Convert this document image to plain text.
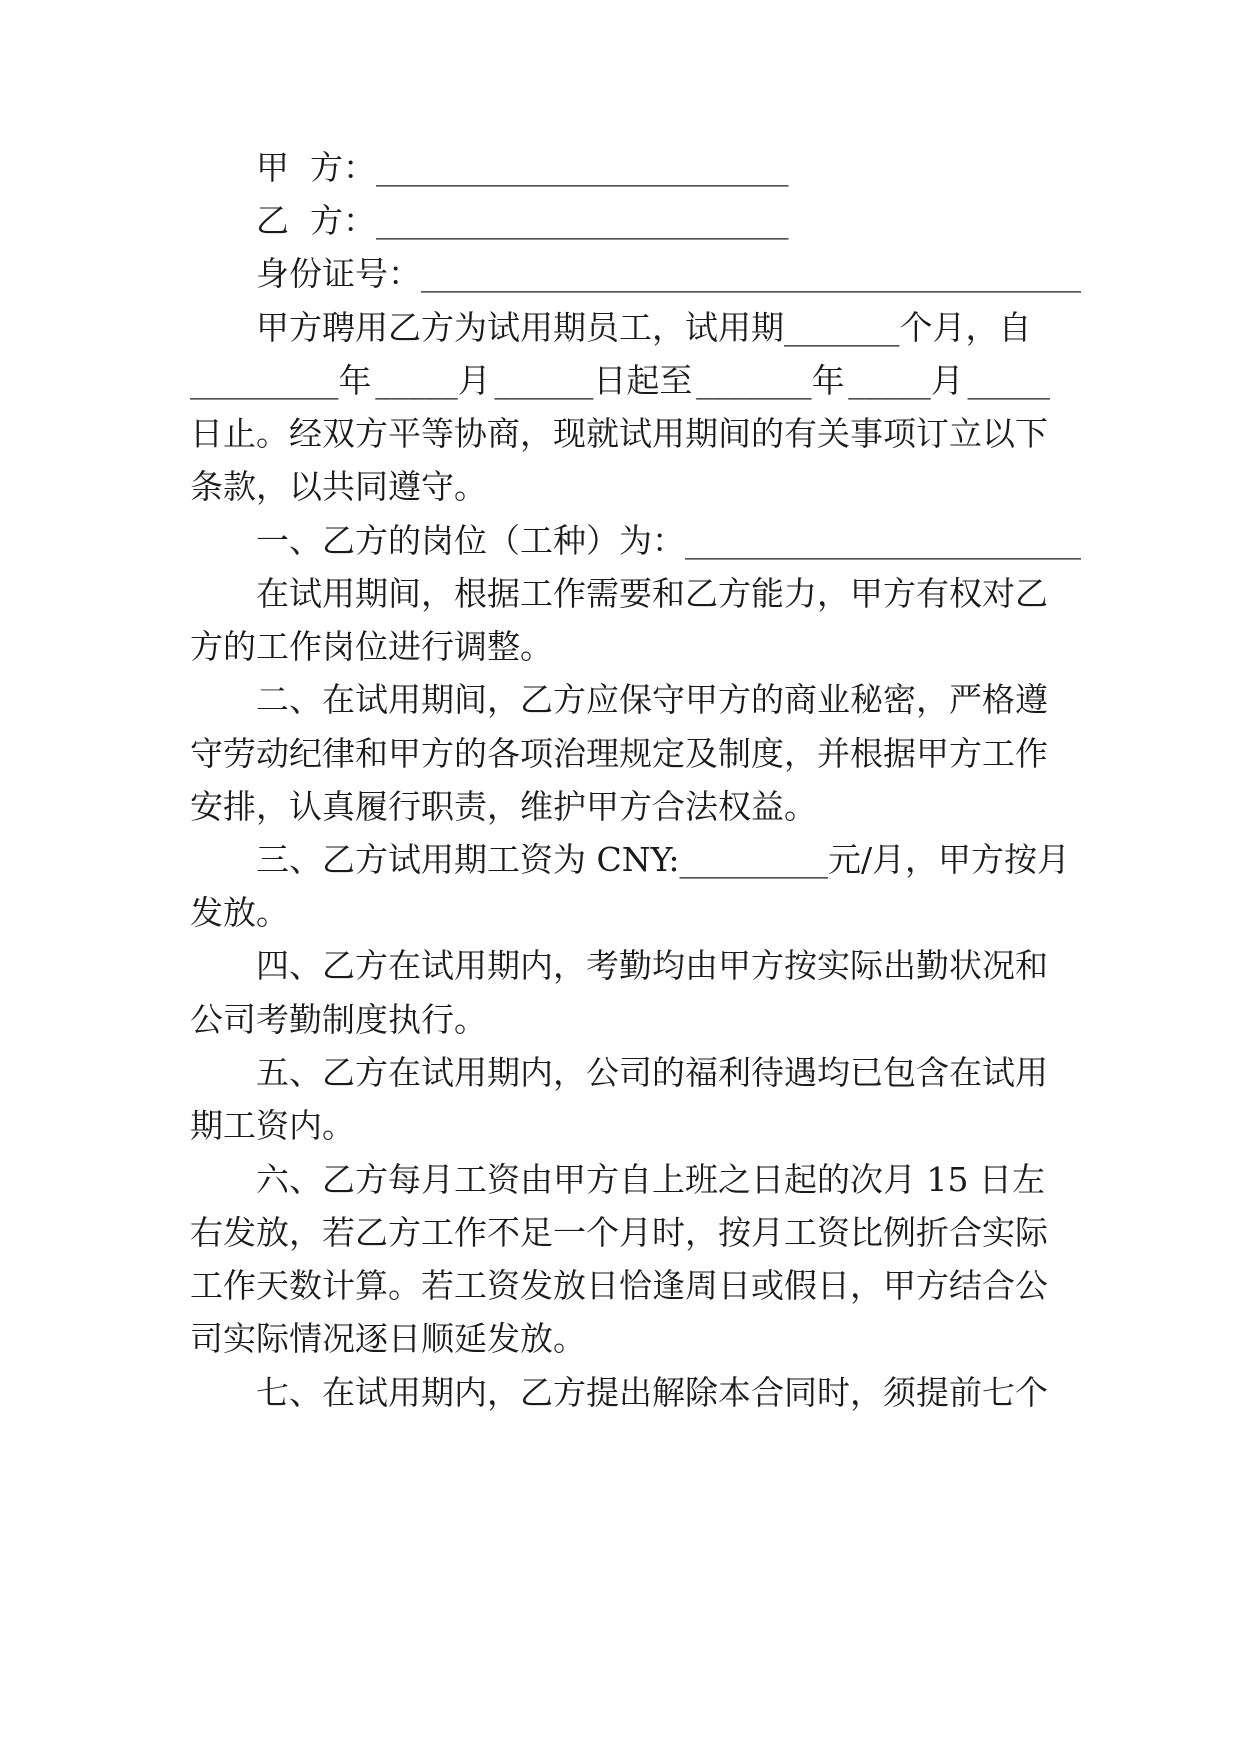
甲  方：_________________________

乙  方：_________________________

身份证号：________________________________________

甲方聘用乙方为试用期员工，试用期_______个月，自

_________年 _____月 ______日起至 _______年 _____月 _____

日止。经双方平等协商，现就试用期间的有关事项订立以下

条款，以共同遵守。

一、乙方的岗位（工种）为：________________________

在试用期间，根据工作需要和乙方能力，甲方有权对乙

方的工作岗位进行调整。

二、在试用期间，乙方应保守甲方的商业秘密，严格遵

守劳动纪律和甲方的各项治理规定及制度，并根据甲方工作

安排，认真履行职责，维护甲方合法权益。

三、乙方试用期工资为 CNY:_________元/月，甲方按月

发放。

四、乙方在试用期内，考勤均由甲方按实际出勤状况和

公司考勤制度执行。

五、乙方在试用期内，公司的福利待遇均已包含在试用

期工资内。

六、乙方每月工资由甲方自上班之日起的次月 15 日左

右发放，若乙方工作不足一个月时，按月工资比例折合实际

工作天数计算。若工资发放日恰逢周日或假日，甲方结合公

司实际情况逐日顺延发放。

七、在试用期内，乙方提出解除本合同时，须提前七个
